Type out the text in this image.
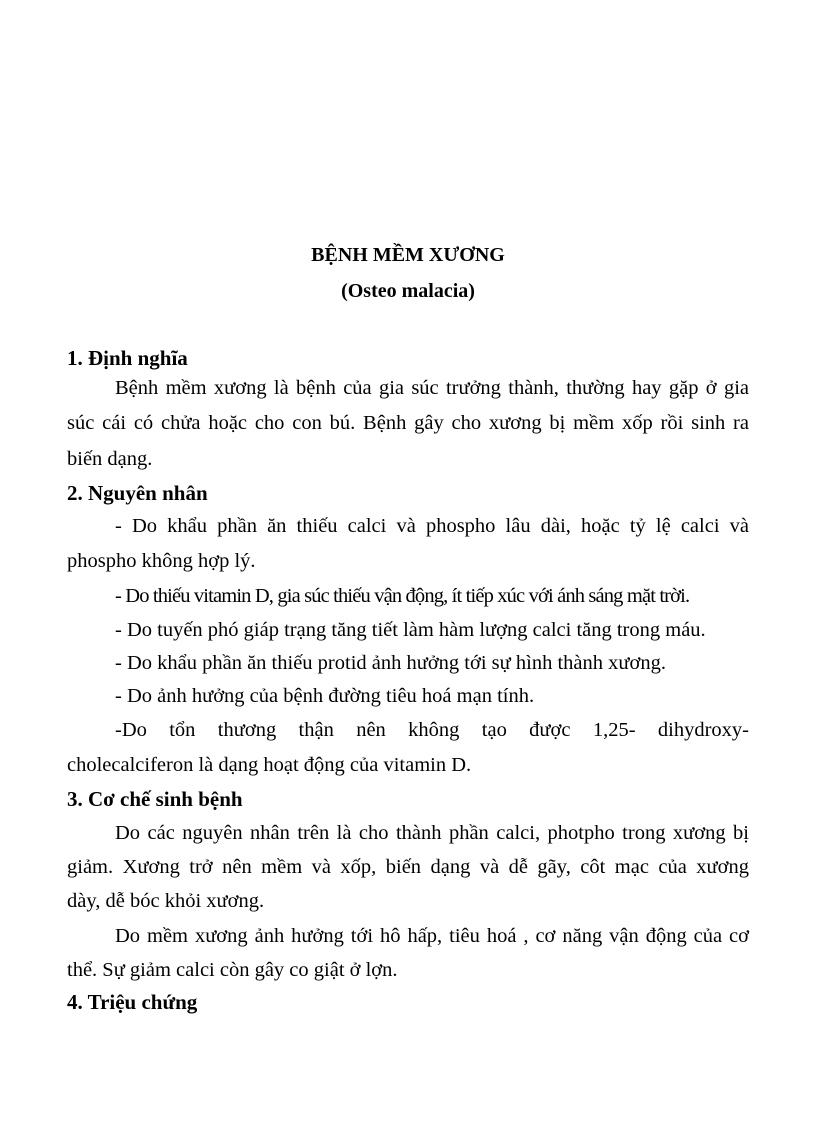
BỆNH MỀM XƯƠNG
(Osteo malacia)
1. Định nghĩa

Bệnh mềm xương là bệnh của gia súc trưởng thành, thường hay gặp ở gia

súc cái có chửa hoặc cho con bú. Bệnh gây cho xương bị mềm xốp rồi sinh ra

biến dạng.

2. Nguyên nhân

- Do khẩu phần ăn thiếu calci và phospho lâu dài, hoặc tỷ lệ calci và

phospho không hợp lý.

- Do thiếu vitamin D, gia súc thiếu vận động, ít tiếp xúc với ánh sáng mặt trời.

- Do tuyến phó giáp trạng tăng tiết làm hàm lượng calci tăng trong máu.

- Do khẩu phần ăn thiếu protid ảnh hưởng tới sự hình thành xương.

- Do ảnh hưởng của bệnh đường tiêu hoá mạn tính.

-Do tổn thương thận nên không tạo được 1,25- dihydroxy-

cholecalciferon là dạng hoạt động của vitamin D.

3. Cơ chế sinh bệnh

Do các nguyên nhân trên là cho thành phần calci, photpho trong xương bị

giảm. Xương trở nên mềm và xốp, biến dạng và dễ gãy, côt mạc của xương

dày, dễ bóc khỏi xương.

Do mềm xương ảnh hưởng tới hô hấp, tiêu hoá , cơ năng vận động của cơ

thể. Sự giảm calci còn gây co giật ở lợn.

4. Triệu chứng
